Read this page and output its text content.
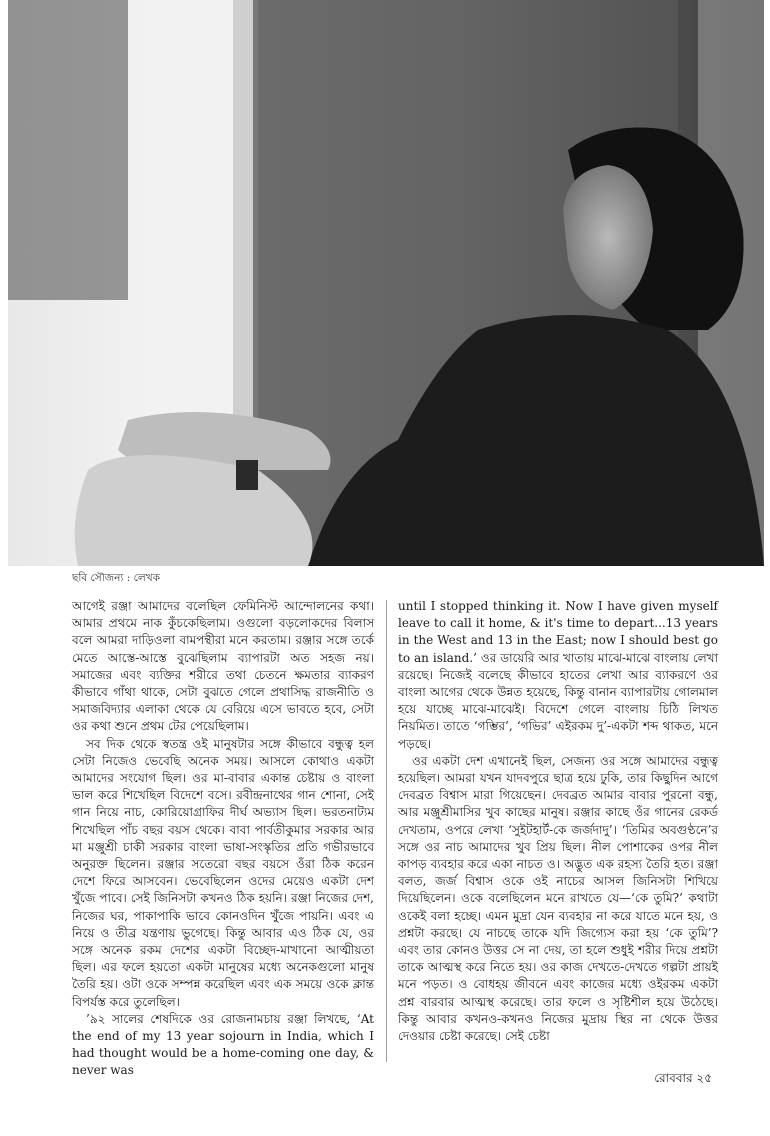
ছবি সৌজন্য : লেখক

আগেই রঞ্জা আমাদের বলেছিল ফেমিনিস্ট আন্দোলনের কথা। আমার প্রথমে নাক কুঁচকেছিলাম। ওগুলো বড়লোকদের বিলাস বলে আমরা দাড়িওলা বামপন্থীরা মনে করতাম। রঞ্জার সঙ্গে তর্কে মেতে আস্তে-আস্তে বুঝেছিলাম ব্যাপারটা অত সহজ নয়। সমাজের এবং ব্যক্তির শরীরে তথা চেতনে ক্ষমতার ব্যাকরণ কীভাবে গাঁথা থাকে, সেটা বুঝতে গেলে প্রথাসিদ্ধ রাজনীতি ও সমাজবিদ্যার এলাকা থেকে যে বেরিয়ে এসে ভাবতে হবে, সেটা ওর কথা শুনে প্রথম টের পেয়েছিলাম।

সব দিক থেকে স্বতন্ত্র ওই মানুষটার সঙ্গে কীভাবে বন্ধুত্ব হল সেটা নিজেও ভেবেছি অনেক সময়। আসলে কোথাও একটা আমাদের সংযোগ ছিল। ওর মা-বাবার একান্ত চেষ্টায় ও বাংলা ভাল করে শিখেছিল বিদেশে বসে। রবীন্দ্রনাথের গান শোনা, সেই গান নিয়ে নাচ, কোরিয়োগ্রাফির দীর্ঘ অভ্যাস ছিল। ভরতনাট্যম শিখেছিল পাঁচ বছর বয়স থেকে। বাবা পার্বতীকুমার সরকার আর মা মঞ্জুশ্রী চাকী সরকার বাংলা ভাষা-সংস্কৃতির প্রতি গভীরভাবে অনুরক্ত ছিলেন। রঞ্জার সতেরো বছর বয়সে ওঁরা ঠিক করেন দেশে ফিরে আসবেন। ভেবেছিলেন ওদের মেয়েও একটা দেশ খুঁজে পাবে। সেই জিনিসটা কখনও ঠিক হয়নি। রঞ্জা নিজের দেশ, নিজের ঘর, পাকাপাকি ভাবে কোনওদিন খুঁজে পায়নি। এবং এ নিয়ে ও তীব্র যন্ত্রণায় ভুগেছে। কিন্তু আবার এও ঠিক যে, ওর সঙ্গে অনেক রকম দেশের একটা বিচ্ছেদ-মাখানো আত্মীয়তা ছিল। এর ফলে হয়তো একটা মানুষের মধ্যে অনেকগুলো মানুষ তৈরি হয়। ওটা ওকে সম্পন্ন করেছিল এবং এক সময়ে ওকে ক্লান্ত বিপর্যস্ত করে তুলেছিল।

’৯২ সালের শেষদিকে ওর রোজনামচায় রঞ্জা লিখছে, ‘At the end of my 13 year sojourn in India, which I had thought would be a home-coming one day, & never was

until I stopped thinking it. Now I have given myself leave to call it home, & it's time to depart...13 years in the West and 13 in the East; now I should best go to an island.’ ওর ডায়েরি আর খাতায় মাঝে-মাঝে বাংলায় লেখা রয়েছে। নিজেই বলেছে কীভাবে হাতের লেখা আর ব্যাকরণে ওর বাংলা আগের থেকে উন্নত হয়েছে, কিন্তু বানান ব্যাপারটায় গোলমাল হয়ে যাচ্ছে মাঝে-মাঝেই। বিদেশে গেলে বাংলায় চিঠি লিখত নিয়মিত। তাতে ‘গম্ভির’, ‘গভির’ এইরকম দু’-একটা শব্দ থাকত, মনে পড়ছে।

ওর একটা দেশ এখানেই ছিল, সেজন্য ওর সঙ্গে আমাদের বন্ধুত্ব হয়েছিল। আমরা যখন যাদবপুরে ছাত্র হয়ে ঢুকি, তার কিছুদিন আগে দেবব্রত বিশ্বাস মারা গিয়েছেন। দেবব্রত আমার বাবার পুরনো বন্ধু, আর মঞ্জুশ্রীমাসির খুব কাছের মানুষ। রঞ্জার কাছে ওঁর গানের রেকর্ড দেখতাম, ওপরে লেখা ‘সুইটহার্ট-কে জর্জদাদু’। ‘তিমির অবগুণ্ঠনে’র সঙ্গে ওর নাচ আমাদের খুব প্রিয় ছিল। নীল পোশাকের ওপর নীল কাপড় ব্যবহার করে একা নাচত ও। অদ্ভুত এক রহস্য তৈরি হত। রঞ্জা বলত, জর্জ বিশ্বাস ওকে ওই নাচের আসল জিনিসটা শিখিয়ে দিয়েছিলেন। ওকে বলেছিলেন মনে রাখতে যে—‘কে তুমি?’ কথাটা ওকেই বলা হচ্ছে। এমন মুদ্রা যেন ব্যবহার না করে যাতে মনে হয়, ও প্রশ্নটা করছে। যে নাচছে তাকে যদি জিগ্যেস করা হয় ‘কে তুমি’? এবং তার কোনও উত্তর সে না দেয়, তা হলে শুধুই শরীর দিয়ে প্রশ্নটা তাকে আত্মস্থ করে নিতে হয়। ওর কাজ দেখতে-দেখতে গল্পটা প্রায়ই মনে পড়ত। ও বোধহয় জীবনে এবং কাজের মধ্যে ওইরকম একটা প্রশ্ন বারবার আত্মস্থ করেছে। তার ফলে ও সৃষ্টিশীল হয়ে উঠেছে। কিন্তু আবার কখনও-কখনও নিজের মুদ্রায় স্থির না থেকে উত্তর দেওয়ার চেষ্টা করেছে। সেই চেষ্টা

রোববার ২৫
